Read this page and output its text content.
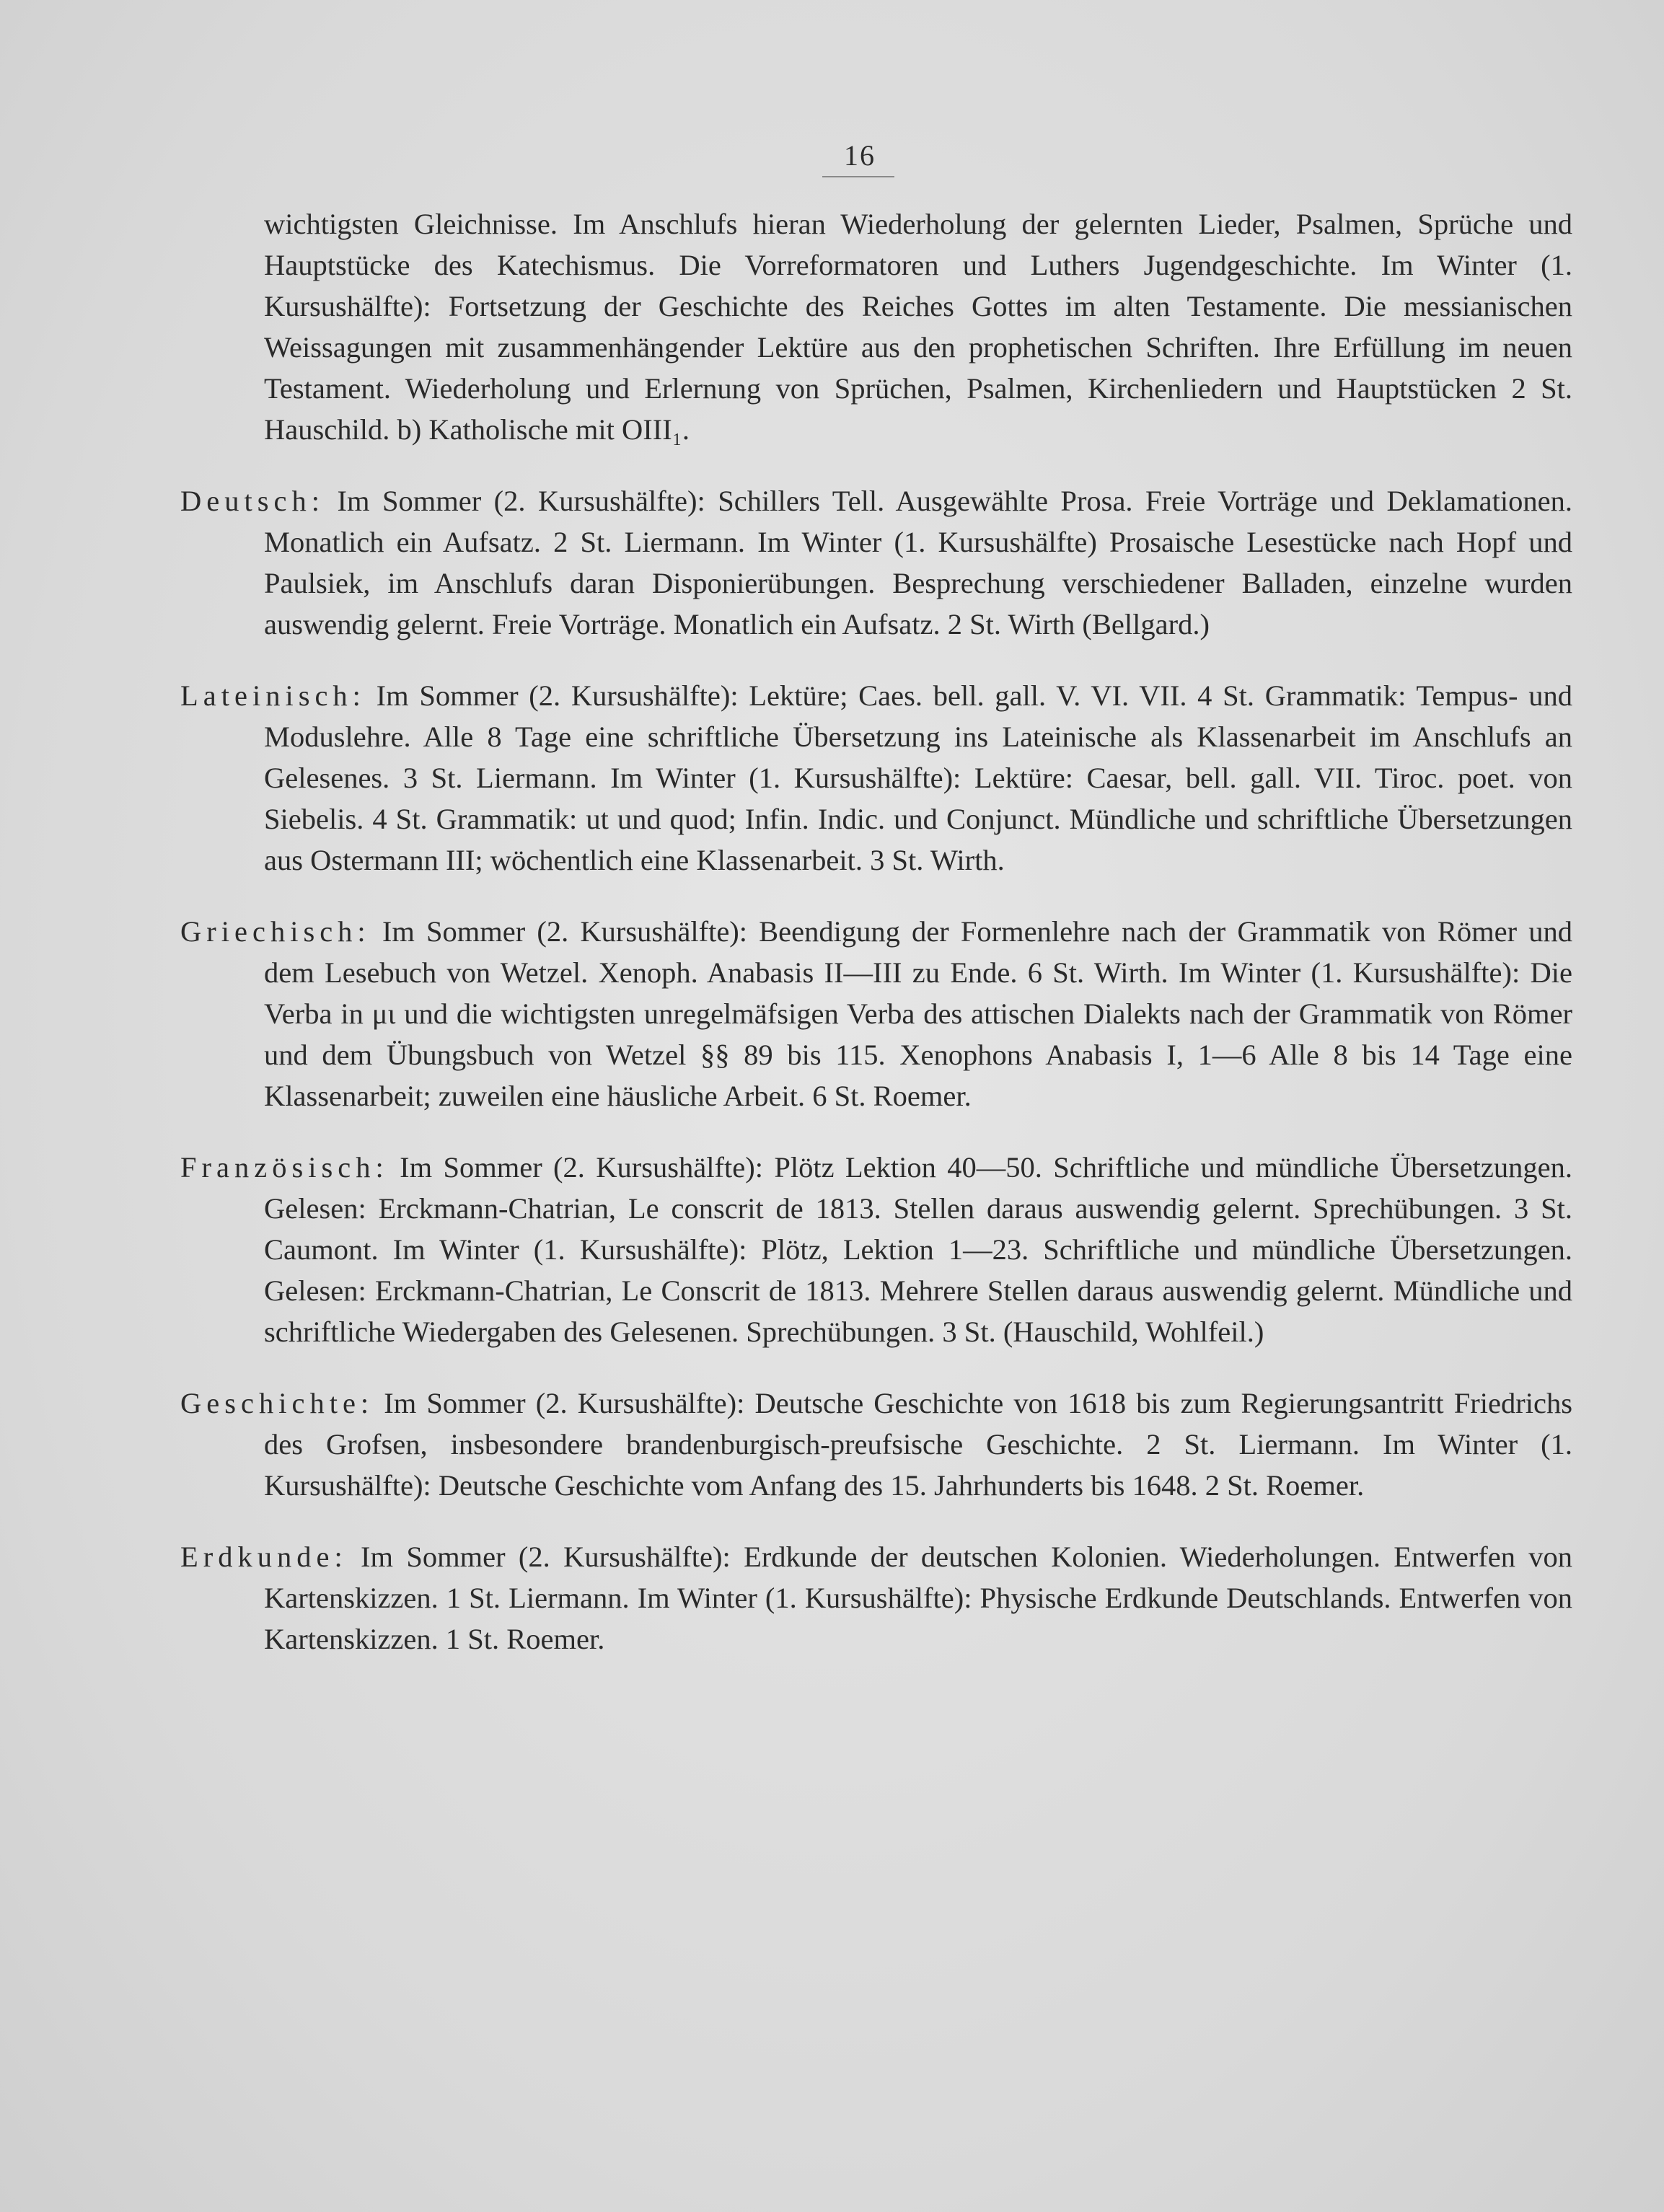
16

wichtigsten Gleichnisse. Im Anschlufs hieran Wiederholung der gelernten Lieder, Psalmen, Sprüche und Hauptstücke des Katechismus. Die Vorreformatoren und Luthers Jugendgeschichte. Im Winter (1. Kursushälfte): Fortsetzung der Geschichte des Reiches Gottes im alten Testamente. Die messianischen Weissagungen mit zusammenhängender Lektüre aus den prophetischen Schriften. Ihre Erfüllung im neuen Testament. Wiederholung und Erlernung von Sprüchen, Psalmen, Kirchenliedern und Hauptstücken 2 St. Hauschild. b) Katholische mit OIII₁.

Deutsch: Im Sommer (2. Kursushälfte): Schillers Tell. Ausgewählte Prosa. Freie Vorträge und Deklamationen. Monatlich ein Aufsatz. 2 St. Liermann. Im Winter (1. Kursushälfte) Prosaische Lesestücke nach Hopf und Paulsiek, im Anschlufs daran Disponierübungen. Besprechung verschiedener Balladen, einzelne wurden auswendig gelernt. Freie Vorträge. Monatlich ein Aufsatz. 2 St. Wirth (Bellgard.)

Lateinisch: Im Sommer (2. Kursushälfte): Lektüre; Caes. bell. gall. V. VI. VII. 4 St. Grammatik: Tempus- und Moduslehre. Alle 8 Tage eine schriftliche Übersetzung ins Lateinische als Klassenarbeit im Anschlufs an Gelesenes. 3 St. Liermann. Im Winter (1. Kursushälfte): Lektüre: Caesar, bell. gall. VII. Tiroc. poet. von Siebelis. 4 St. Grammatik: ut und quod; Infin. Indic. und Conjunct. Mündliche und schriftliche Übersetzungen aus Ostermann III; wöchentlich eine Klassenarbeit. 3 St. Wirth.

Griechisch: Im Sommer (2. Kursushälfte): Beendigung der Formenlehre nach der Grammatik von Römer und dem Lesebuch von Wetzel. Xenoph. Anabasis II—III zu Ende. 6 St. Wirth. Im Winter (1. Kursushälfte): Die Verba in μι und die wichtigsten unregelmäfsigen Verba des attischen Dialekts nach der Grammatik von Römer und dem Übungsbuch von Wetzel §§ 89 bis 115. Xenophons Anabasis I, 1—6 Alle 8 bis 14 Tage eine Klassenarbeit; zuweilen eine häusliche Arbeit. 6 St. Roemer.

Französisch: Im Sommer (2. Kursushälfte): Plötz Lektion 40—50. Schriftliche und mündliche Übersetzungen. Gelesen: Erckmann-Chatrian, Le conscrit de 1813. Stellen daraus auswendig gelernt. Sprechübungen. 3 St. Caumont. Im Winter (1. Kursushälfte): Plötz, Lektion 1—23. Schriftliche und mündliche Übersetzungen. Gelesen: Erckmann-Chatrian, Le Conscrit de 1813. Mehrere Stellen daraus auswendig gelernt. Mündliche und schriftliche Wiedergaben des Gelesenen. Sprechübungen. 3 St. (Hauschild, Wohlfeil.)

Geschichte: Im Sommer (2. Kursushälfte): Deutsche Geschichte von 1618 bis zum Regierungsantritt Friedrichs des Grofsen, insbesondere brandenburgisch-preufsische Geschichte. 2 St. Liermann. Im Winter (1. Kursushälfte): Deutsche Geschichte vom Anfang des 15. Jahrhunderts bis 1648. 2 St. Roemer.

Erdkunde: Im Sommer (2. Kursushälfte): Erdkunde der deutschen Kolonien. Wiederholungen. Entwerfen von Kartenskizzen. 1 St. Liermann. Im Winter (1. Kursushälfte): Physische Erdkunde Deutschlands. Entwerfen von Kartenskizzen. 1 St. Roemer.
